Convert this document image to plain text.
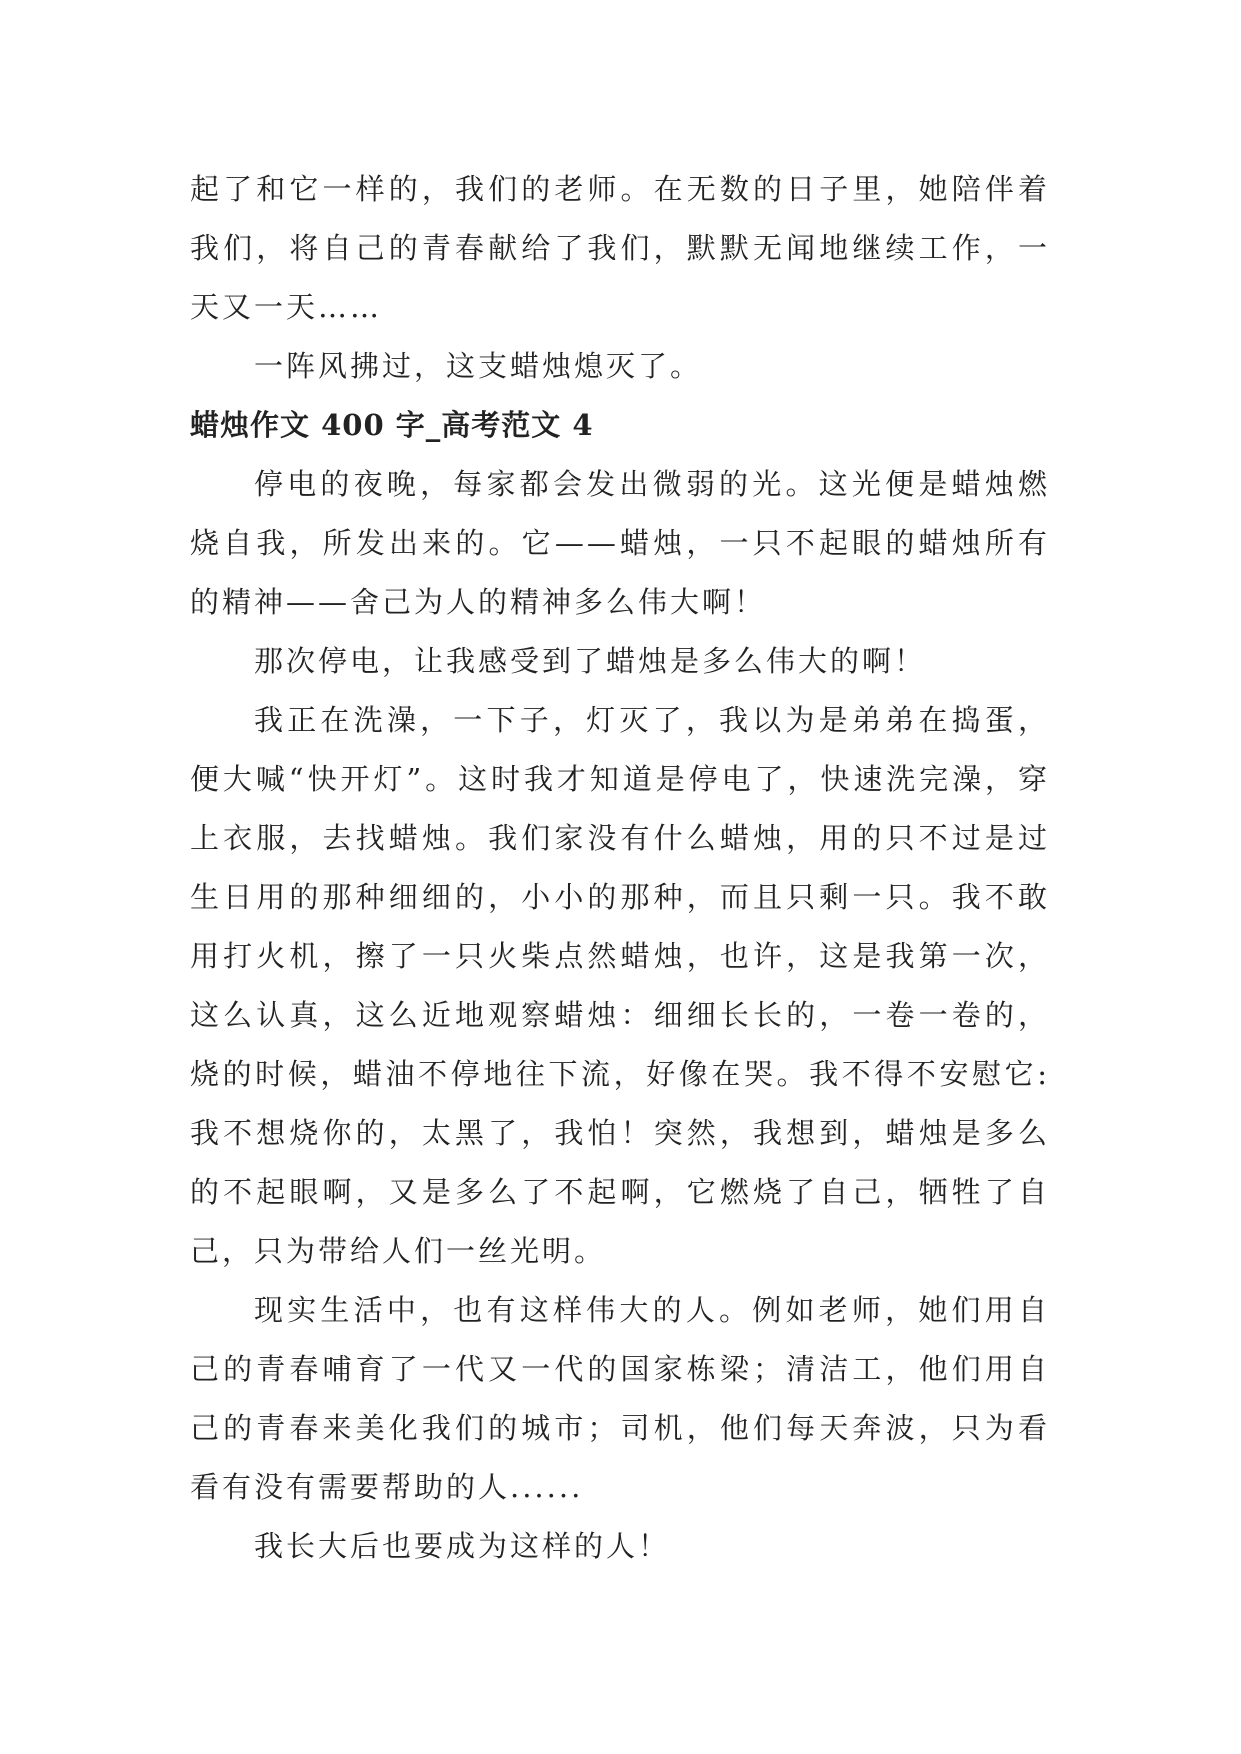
起了和它一样的，我们的老师。在无数的日子里，她陪伴着我们，将自己的青春献给了我们，默默无闻地继续工作，一天又一天……

一阵风拂过，这支蜡烛熄灭了。

蜡烛作文 400 字_高考范文 4

停电的夜晚，每家都会发出微弱的光。这光便是蜡烛燃烧自我，所发出来的。它——蜡烛，一只不起眼的蜡烛所有的精神——舍己为人的精神多么伟大啊！

那次停电，让我感受到了蜡烛是多么伟大的啊！

我正在洗澡，一下子，灯灭了，我以为是弟弟在捣蛋，便大喊“快开灯”。这时我才知道是停电了，快速洗完澡，穿上衣服，去找蜡烛。我们家没有什么蜡烛，用的只不过是过生日用的那种细细的，小小的那种，而且只剩一只。我不敢用打火机，擦了一只火柴点然蜡烛，也许，这是我第一次，这么认真，这么近地观察蜡烛：细细长长的，一卷一卷的，烧的时候，蜡油不停地往下流，好像在哭。我不得不安慰它:我不想烧你的，太黑了，我怕！突然，我想到，蜡烛是多么的不起眼啊，又是多么了不起啊，它燃烧了自己，牺牲了自己，只为带给人们一丝光明。

现实生活中，也有这样伟大的人。例如老师，她们用自己的青春哺育了一代又一代的国家栋梁；清洁工，他们用自己的青春来美化我们的城市；司机，他们每天奔波，只为看看有没有需要帮助的人......

我长大后也要成为这样的人！
